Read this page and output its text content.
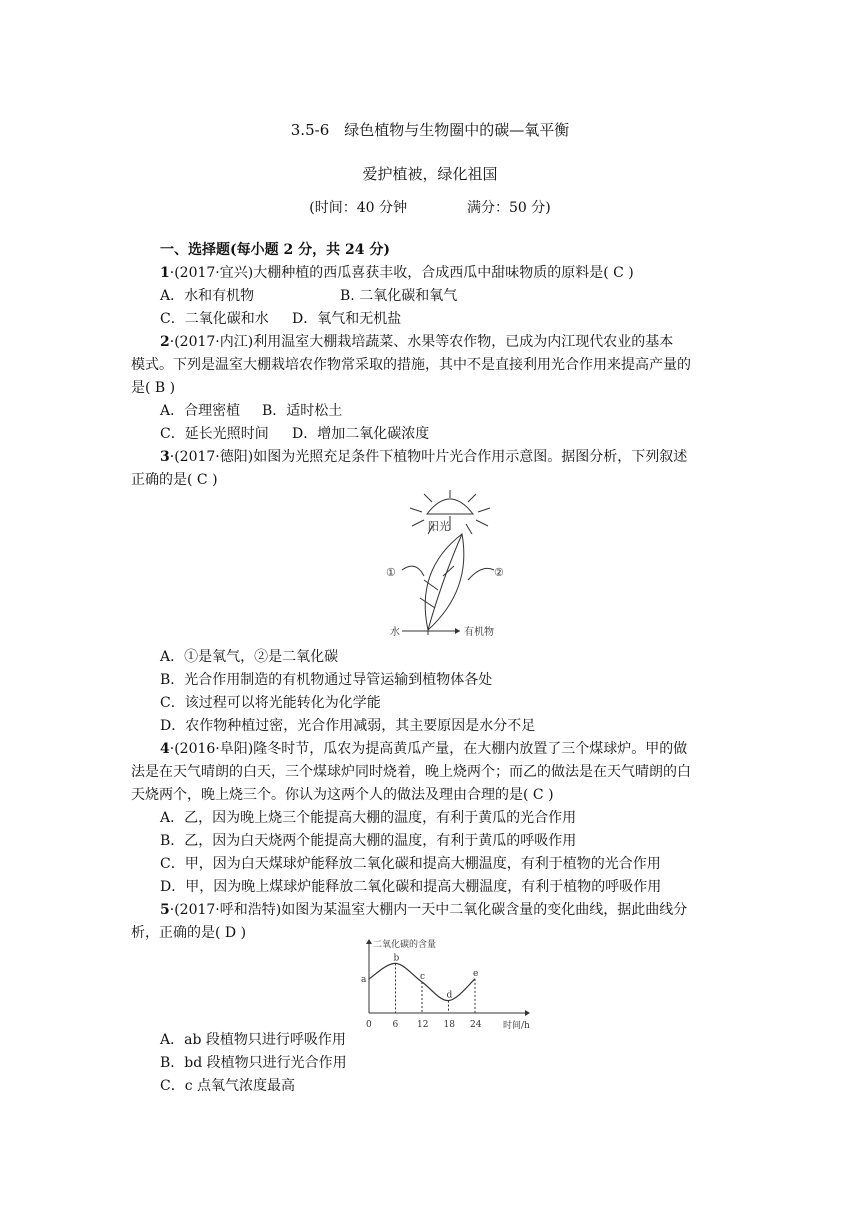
3.5-6　绿色植物与生物圈中的碳—氧平衡
爱护植被，绿化祖国
(时间：40 分钟	满分：50 分)
一、选择题(每小题 2 分，共 24 分)
1·(2017·宜兴)大棚种植的西瓜喜获丰收，合成西瓜中甜味物质的原料是( C )
A．水和有机物	B. 二氧化碳和氧气
C．二氧化碳和水 D．氧气和无机盐
2·(2017·内江)利用温室大棚栽培蔬菜、水果等农作物，已成为内江现代农业的基本
模式。下列是温室大棚栽培农作物常采取的措施，其中不是直接利用光合作用来提高产量的
是( B )
A．合理密植 B．适时松土
C．延长光照时间 D．增加二氧化碳浓度
3·(2017·德阳)如图为光照充足条件下植物叶片光合作用示意图。据图分析，下列叙述
正确的是( C )
阳光
①	②
水	有机物
A．①是氧气，②是二氧化碳
B．光合作用制造的有机物通过导管运输到植物体各处
C．该过程可以将光能转化为化学能
D．农作物种植过密，光合作用减弱，其主要原因是水分不足
4·(2016·阜阳)隆冬时节，瓜农为提高黄瓜产量，在大棚内放置了三个煤球炉。甲的做
法是在天气晴朗的白天，三个煤球炉同时烧着，晚上烧两个；而乙的做法是在天气晴朗的白
天烧两个，晚上烧三个。你认为这两个人的做法及理由合理的是( C )
A．乙，因为晚上烧三个能提高大棚的温度，有利于黄瓜的光合作用
B．乙，因为白天烧两个能提高大棚的温度，有利于黄瓜的呼吸作用
C．甲，因为白天煤球炉能释放二氧化碳和提高大棚温度，有利于植物的光合作用
D．甲，因为晚上煤球炉能释放二氧化碳和提高大棚温度，有利于植物的呼吸作用
5·(2017·呼和浩特)如图为某温室大棚内一天中二氧化碳含量的变化曲线，据此曲线分
析，正确的是( D )
二氧化碳的含量
时间/h
a
b
c
d
e
0 6 12 18 24
A．ab 段植物只进行呼吸作用
B．bd 段植物只进行光合作用
C．c 点氧气浓度最高
